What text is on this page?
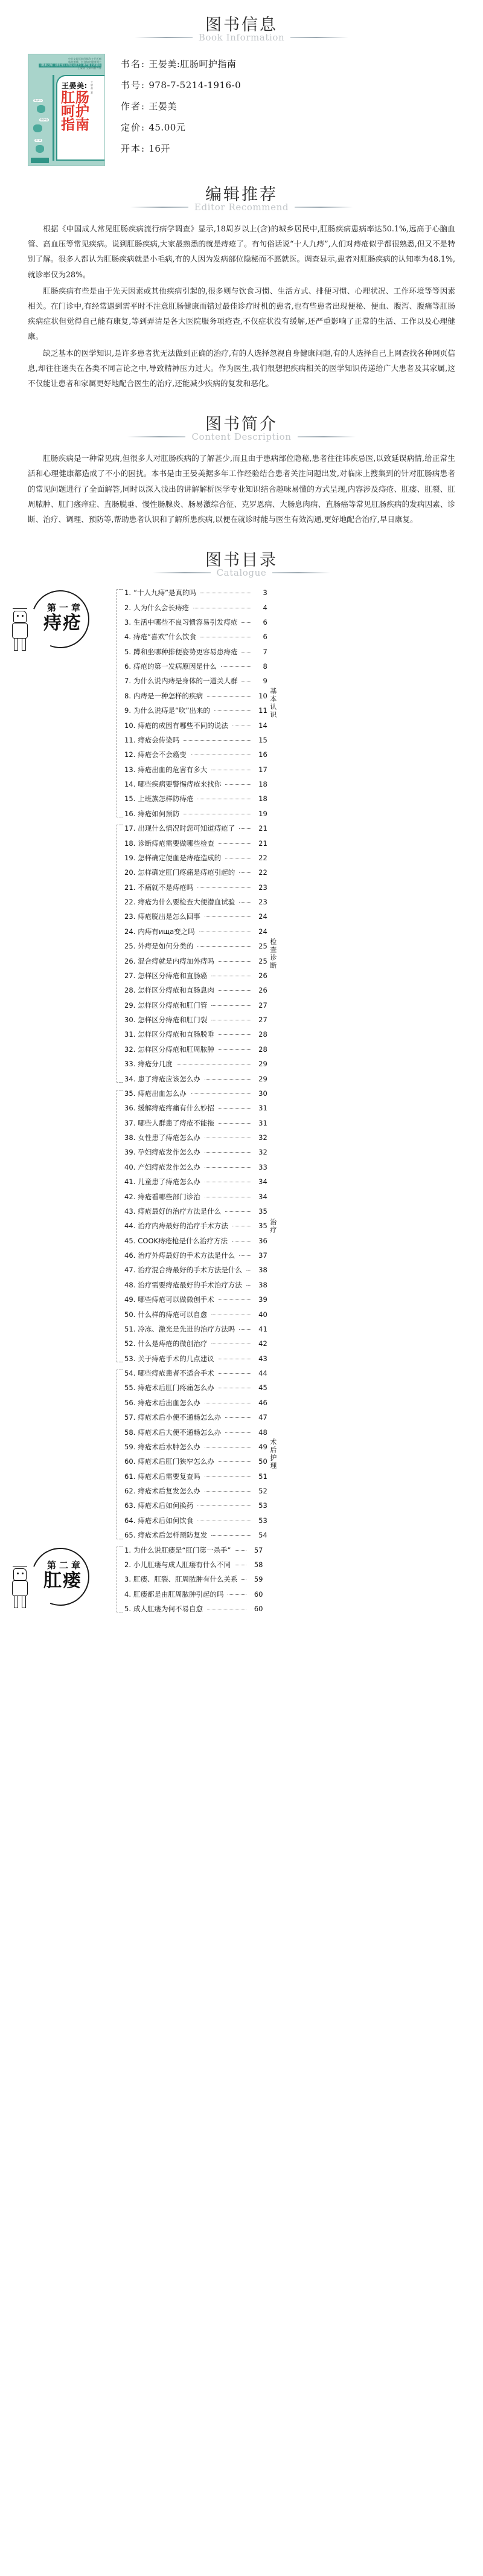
图书信息
Book Information
中日友好医院肛肠科主任医师
新浪微博、抖音知名健康博主
《健康之路》《养生堂》《我是大医生》等栏目主讲嘉宾
王晏美 全新科普力作
便血咋办
痔疮咋治
肛门痒
王晏美:
肛肠
呵护
指南
王晏美 著
书名: 王晏美:肛肠呵护指南
书号: 978-7-5214-1916-0
作者: 王晏美
定价: 45.00元
开本: 16开
编辑推荐
Editor Recommend

根据《中国成人常见肛肠疾病流行病学调查》显示,18周岁以上(含)的城乡居民中,肛肠疾病患病率达50.1%,远高于心脑血管、高血压等常见疾病。说到肛肠疾病,大家最熟悉的就是痔疮了。有句俗话说“十人九痔”,人们对痔疮似乎都很熟悉,但又不是特别了解。很多人都认为肛肠疾病就是小毛病,有的人因为发病部位隐秘而不愿就医。调查显示,患者对肛肠疾病的认知率为48.1%,就诊率仅为28%。

肛肠疾病有些是由于先天因素或其他疾病引起的,很多则与饮食习惯、生活方式、排便习惯、心理状况、工作环境等等因素相关。在门诊中,有经常遇到需平时不注意肛肠健康而错过最佳诊疗时机的患者,也有些患者出现便秘、便血、腹泻、腹痛等肛肠疾病症状但觉得自己能有康复,等到弄清是各大医院服务项疮查,不仅症状没有缓解,还严重影响了正常的生活、工作以及心理健康。

缺乏基本的医学知识,是许多患者犹无法做到正确的治疗,有的人选择忽视自身健康问题,有的人选择自己上网查找各种网页信息,却往往迷失在各类不同言论之中,导致精神压力过大。作为医生,我们很想把疾病相关的医学知识传递给广大患者及其家属,这不仅能让患者和家属更好地配合医生的治疗,还能减少疾病的复发和恶化。

图书简介
Content Description

肛肠疾病是一种常见病,但很多人对肛肠疾病的了解甚少,而且由于患病部位隐秘,患者往往讳疾忌医,以致延误病情,给正常生活和心理健康都造成了不小的困扰。本书是由王晏美据多年工作经验结合患者关注问题出发,对临床上搜集到的针对肛肠病患者的常见问题进行了全面解答,同时以深入浅出的讲解解析医学专业知识结合趣味易懂的方式呈现,内容涉及痔疮、肛瘘、肛裂、肛周脓肿、肛门瘙痒症、直肠脱垂、慢性肠腺炎、肠易激综合征、克罗恩病、大肠息肉病、直肠癌等常见肛肠疾病的发病因素、诊断、治疗、调理、预防等,帮助患者认识和了解所患疾病,以便在就诊时能与医生有效沟通,更好地配合治疗,早日康复。

图书目录
Catalogue
第一章
痔疮
1. “十人九痔”是真的吗	3
2. 人为什么会长痔疮	4
3. 生活中哪些不良习惯容易引发痔疮	6
4. 痔疮“喜欢”什么饮食	6
5. 蹲和坐哪种排便姿势更容易患痔疮	7
6. 痔疮的第一发病原因是什么	8
7. 为什么说内痔是身体的一道关人群	9
8. 内痔是一种怎样的疾病	10
9. 为什么说痔是“吹”出来的	11
10. 痔疮的成因有哪些不同的说法	14
11. 痔疮会传染吗	15
12. 痔疮会不会癌变	16
13. 痔疮出血的危害有多大	17
14. 哪些疾病要警惕痔疮来找你	18
15. 上班族怎样防痔疮	18
16. 痔疮如何预防	19
基本认识
17. 出现什么情况时您可知道痔疮了	21
18. 诊断痔疮需要做哪些检查	21
19. 怎样确定便血是痔疮造成的	22
20. 怎样确定肛门疼痛是痔疮引起的	22
21. 不痛就不是痔疮吗	23
22. 痔疮为什么要检查大便潜血试验	23
23. 痔疮脱出是怎么回事	24
24. 内痔有ища变之吗	24
25. 外痔是如何分类的	25
26. 混合痔就是内痔加外痔吗	25
27. 怎样区分痔疮和直肠癌	26
28. 怎样区分痔疮和直肠息肉	26
29. 怎样区分痔疮和肛门管	27
30. 怎样区分痔疮和肛门裂	27
31. 怎样区分痔疮和直肠脱垂	28
32. 怎样区分痔疮和肛周脓肿	28
33. 痔疮分几度	29
34. 患了痔疮应该怎么办	29
检查诊断
35. 痔疮出血怎么办	30
36. 缓解痔疮疼痛有什么妙招	31
37. 哪些人群患了痔疮不能拖	31
38. 女性患了痔疮怎么办	32
39. 孕妇痔疮发作怎么办	32
40. 产妇痔疮发作怎么办	33
41. 儿童患了痔疮怎么办	34
42. 痔疮看哪些部门诊治	34
43. 痔疮最好的治疗方法是什么	35
44. 治疗内痔最好的治疗手术方法	35
45. COOK痔疮枪是什么治疗方法	36
46. 治疗外痔最好的手术方法是什么	37
47. 治疗混合痔最好的手术方法是什么	38
48. 治疗需要痔疮最好的手术治疗方法	38
49. 哪些痔疮可以做微创手术	39
50. 什么样的痔疮可以自愈	40
51. 冷冻、激光是先进的治疗方法吗	41
52. 什么是痔疮的微创治疗	42
53. 关于痔疮手术的几点建议	43
治疗
54. 哪些痔疮患者不适合手术	44
55. 痔疮术后肛门疼痛怎么办	45
56. 痔疮术后出血怎么办	46
57. 痔疮术后小便不通畅怎么办	47
58. 痔疮术后大便不通畅怎么办	48
59. 痔疮术后水肿怎么办	49
60. 痔疮术后肛门狭窄怎么办	50
61. 痔疮术后需要复查吗	51
62. 痔疮术后复发怎么办	52
63. 痔疮术后如何换药	53
64. 痔疮术后如何饮食	53
65. 痔疮术后怎样预防复发	54
术后护理
第二章
肛瘘
1. 为什么说肛瘘是“肛门第一杀手”	57
2. 小儿肛瘘与成人肛瘘有什么不同	58
3. 肛瘘、肛裂、肛周脓肿有什么关系	59
4. 肛瘘都是由肛周脓肿引起的吗	60
5. 成人肛瘘为何不易自愈	60
